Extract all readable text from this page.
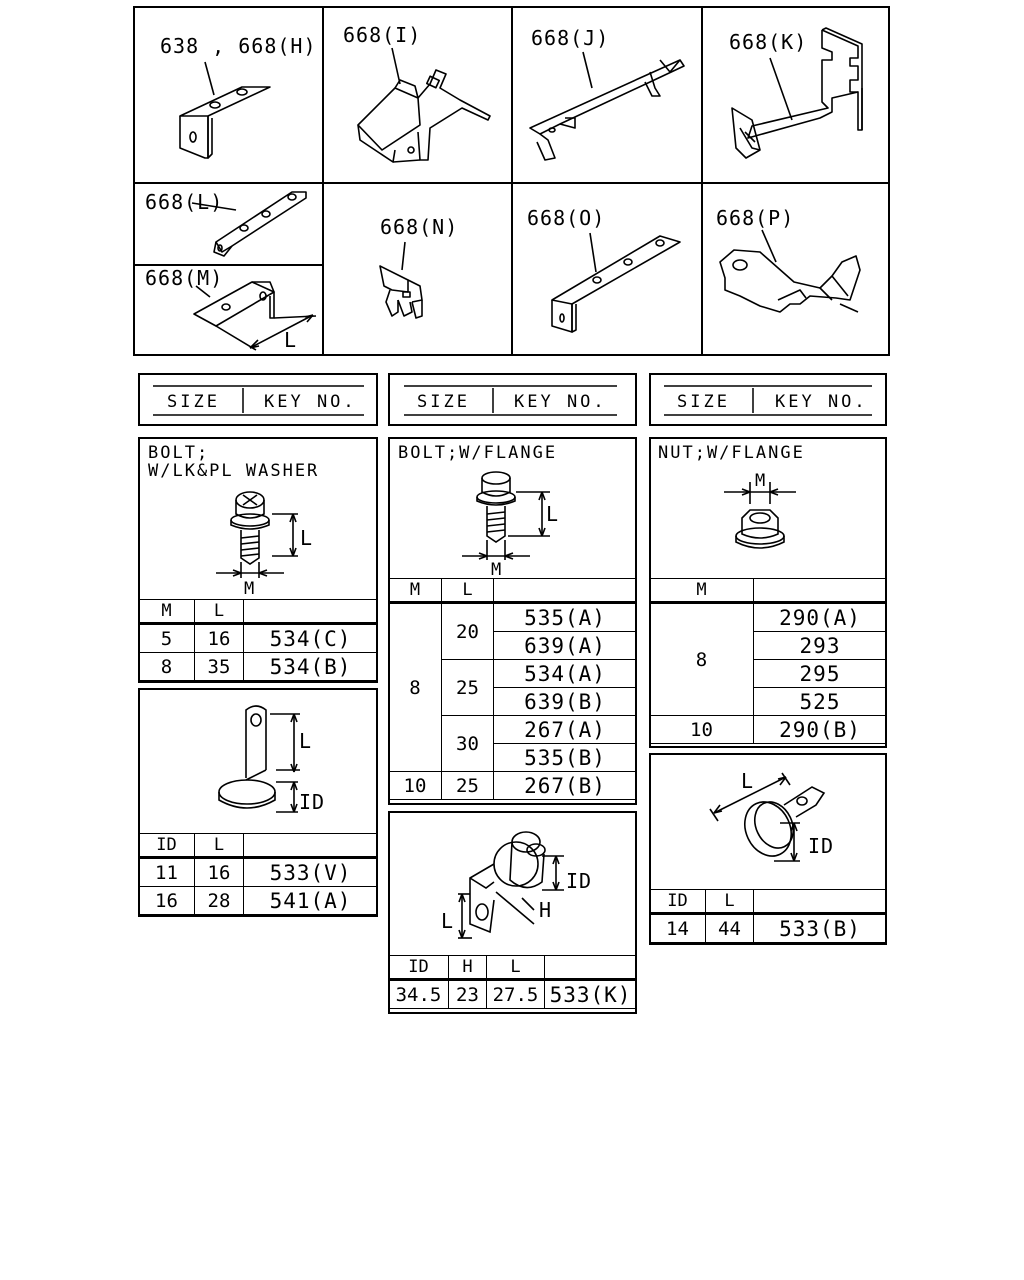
638 , 668(H) 668(I)	668(J)	668(K)
668(L)
668(M)
668(N)	668(O)	668(P)
L
SIZE	KEY NO.	SIZE	KEY NO.	SIZE	KEY NO.
BOLT;
W/LK&PL WASHER
L
M
M	L	
5	16	534(C)
8	35	534(B)
L
ID
ID	L	
11	16	533(V)
16	28	541(A)
BOLT;W/FLANGE
L
M
M	L	
8	20	535(A)
		639(A)
	25	534(A)
		639(B)
	30	267(A)
		535(B)
10	25	267(B)
ID
H
L
ID	H	L	
34.5	23	27.5	533(K)
NUT;W/FLANGE
M
M	
8	290(A)
	293
	295
	525
10	290(B)
L
ID
ID	L	
14	44	533(B)
